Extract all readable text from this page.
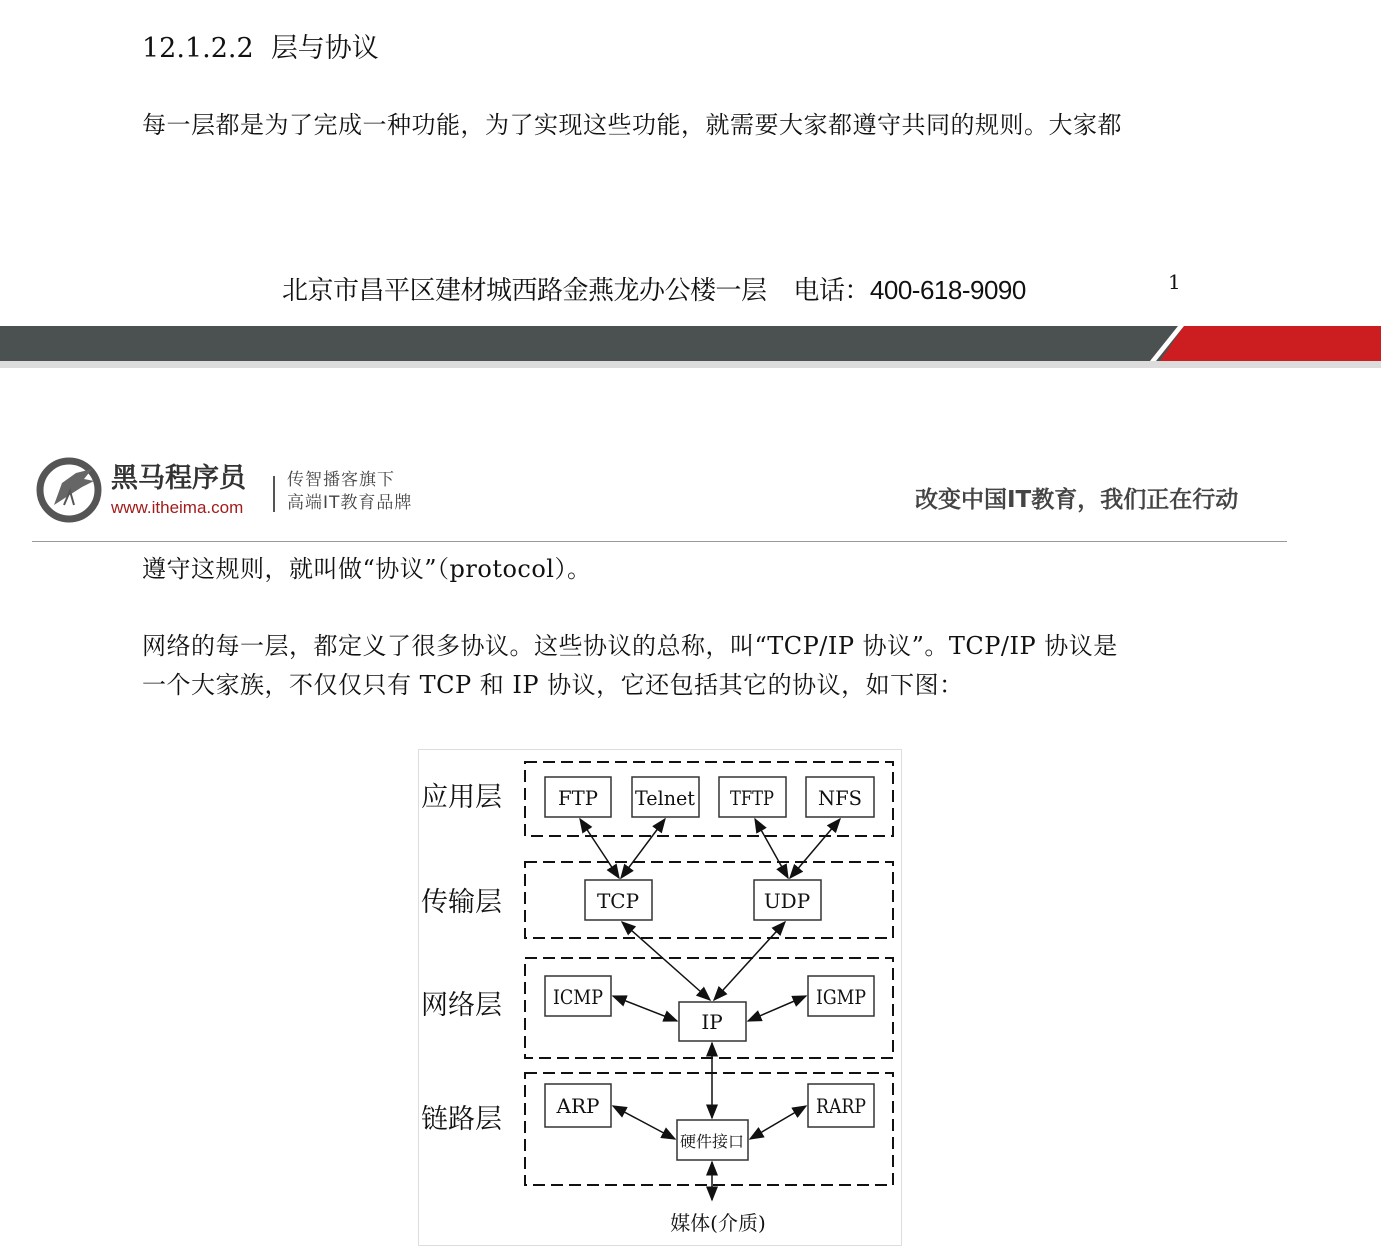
12.1.2.2 层与协议
每一层都是为了完成一种功能，为了实现这些功能，就需要大家都遵守共同的规则。大家都
北京市昌平区建材城西路金燕龙办公楼一层 电话：400-618-9090	1
黑马程序员
www.itheima.com
传智播客旗下
高端IT教育品牌	改变中国IT教育，我们正在行动
遵守这规则，就叫做“协议”（protocol）。
网络的每一层，都定义了很多协议。这些协议的总称，叫“TCP/IP 协议”。TCP/IP 协议是
一个大家族，不仅仅只有 TCP 和 IP 协议，它还包括其它的协议，如下图：
应用层
传输层
网络层
链路层
FTP Telnet TFTP NFS
TCP	UDP
ICMP
IP
IGMP
ARP
硬件接口
RARP
媒体(介质)
